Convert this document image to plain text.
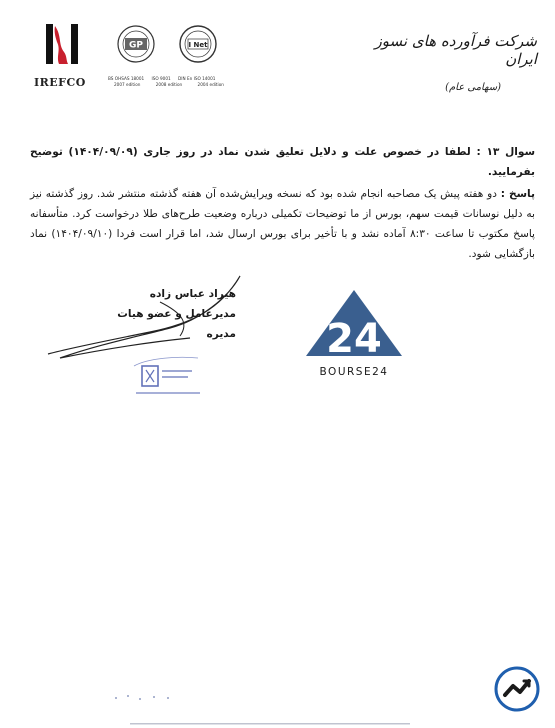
IREFCO
GP	I Net
BS OHSAS 18001 ISO 9001 DIN En ISO 14001
2007 edition	2008 edition	2004 edition
شرکت فرآورده های نسوز ایران
(سهامی عام)
سوال ۱۳ : لطفا در خصوص علت و دلایل تعلیق شدن نماد در روز جاری (۱۴۰۴/۰۹/۰۹) توضیح بفرمایید.
پاسخ : دو هفته پیش یک مصاحبه انجام شده بود که نسخه ویرایش‌شده آن هفته گذشته منتشر شد. روز گذشته نیز به دلیل نوسانات قیمت سهم، بورس از ما توضیحات تکمیلی درباره وضعیت طرح‌های طلا درخواست کرد. متأسفانه پاسخ مکتوب تا ساعت ۸:۳۰ آماده نشد و با تأخیر برای بورس ارسال شد، اما قرار است فردا (۱۴۰۴/۰۹/۱۰) نماد بازگشایی شود.
هیراد عباس زاده
مدیرعامل و عضو هیات مدیره 24
BOURSE24
